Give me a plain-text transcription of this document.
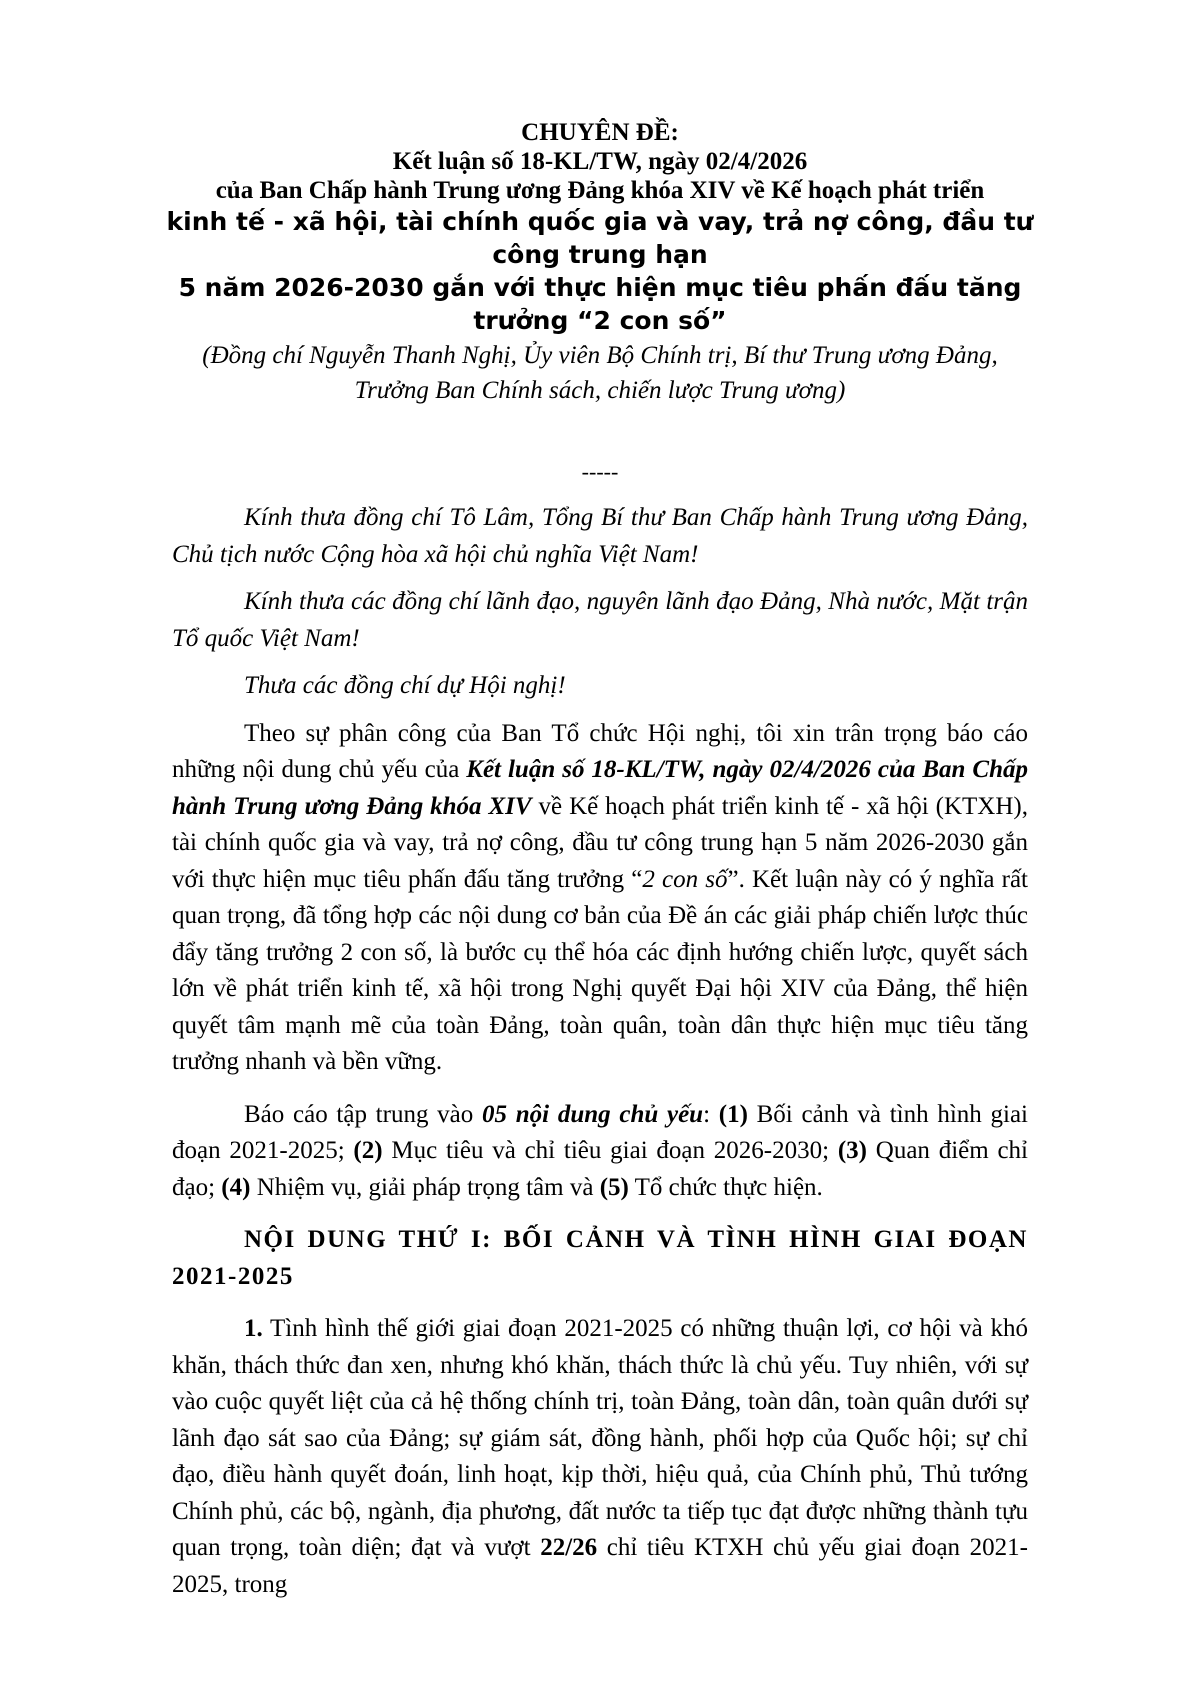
CHUYÊN ĐỀ:
Kết luận số 18-KL/TW, ngày 02/4/2026
của Ban Chấp hành Trung ương Đảng khóa XIV về Kế hoạch phát triển
kinh tế - xã hội, tài chính quốc gia và vay, trả nợ công, đầu tư công trung hạn
5 năm 2026-2030 gắn với thực hiện mục tiêu phấn đấu tăng trưởng “2 con số”
(Đồng chí Nguyễn Thanh Nghị, Ủy viên Bộ Chính trị, Bí thư Trung ương Đảng,
Trưởng Ban Chính sách, chiến lược Trung ương)
-----

Kính thưa đồng chí Tô Lâm, Tổng Bí thư Ban Chấp hành Trung ương Đảng, Chủ tịch nước Cộng hòa xã hội chủ nghĩa Việt Nam!

Kính thưa các đồng chí lãnh đạo, nguyên lãnh đạo Đảng, Nhà nước, Mặt trận Tổ quốc Việt Nam!

Thưa các đồng chí dự Hội nghị!

Theo sự phân công của Ban Tổ chức Hội nghị, tôi xin trân trọng báo cáo những nội dung chủ yếu của Kết luận số 18-KL/TW, ngày 02/4/2026 của Ban Chấp hành Trung ương Đảng khóa XIV về Kế hoạch phát triển kinh tế - xã hội (KTXH), tài chính quốc gia và vay, trả nợ công, đầu tư công trung hạn 5 năm 2026-2030 gắn với thực hiện mục tiêu phấn đấu tăng trưởng “2 con số”. Kết luận này có ý nghĩa rất quan trọng, đã tổng hợp các nội dung cơ bản của Đề án các giải pháp chiến lược thúc đẩy tăng trưởng 2 con số, là bước cụ thể hóa các định hướng chiến lược, quyết sách lớn về phát triển kinh tế, xã hội trong Nghị quyết Đại hội XIV của Đảng, thể hiện quyết tâm mạnh mẽ của toàn Đảng, toàn quân, toàn dân thực hiện mục tiêu tăng trưởng nhanh và bền vững.

Báo cáo tập trung vào 05 nội dung chủ yếu: (1) Bối cảnh và tình hình giai đoạn 2021-2025; (2) Mục tiêu và chỉ tiêu giai đoạn 2026-2030; (3) Quan điểm chỉ đạo; (4) Nhiệm vụ, giải pháp trọng tâm và (5) Tổ chức thực hiện.

NỘI DUNG THỨ I: BỐI CẢNH VÀ TÌNH HÌNH GIAI ĐOẠN 2021-2025

1. Tình hình thế giới giai đoạn 2021-2025 có những thuận lợi, cơ hội và khó khăn, thách thức đan xen, nhưng khó khăn, thách thức là chủ yếu. Tuy nhiên, với sự vào cuộc quyết liệt của cả hệ thống chính trị, toàn Đảng, toàn dân, toàn quân dưới sự lãnh đạo sát sao của Đảng; sự giám sát, đồng hành, phối hợp của Quốc hội; sự chỉ đạo, điều hành quyết đoán, linh hoạt, kịp thời, hiệu quả, của Chính phủ, Thủ tướng Chính phủ, các bộ, ngành, địa phương, đất nước ta tiếp tục đạt được những thành tựu quan trọng, toàn diện; đạt và vượt 22/26 chỉ tiêu KTXH chủ yếu giai đoạn 2021-2025, trong
